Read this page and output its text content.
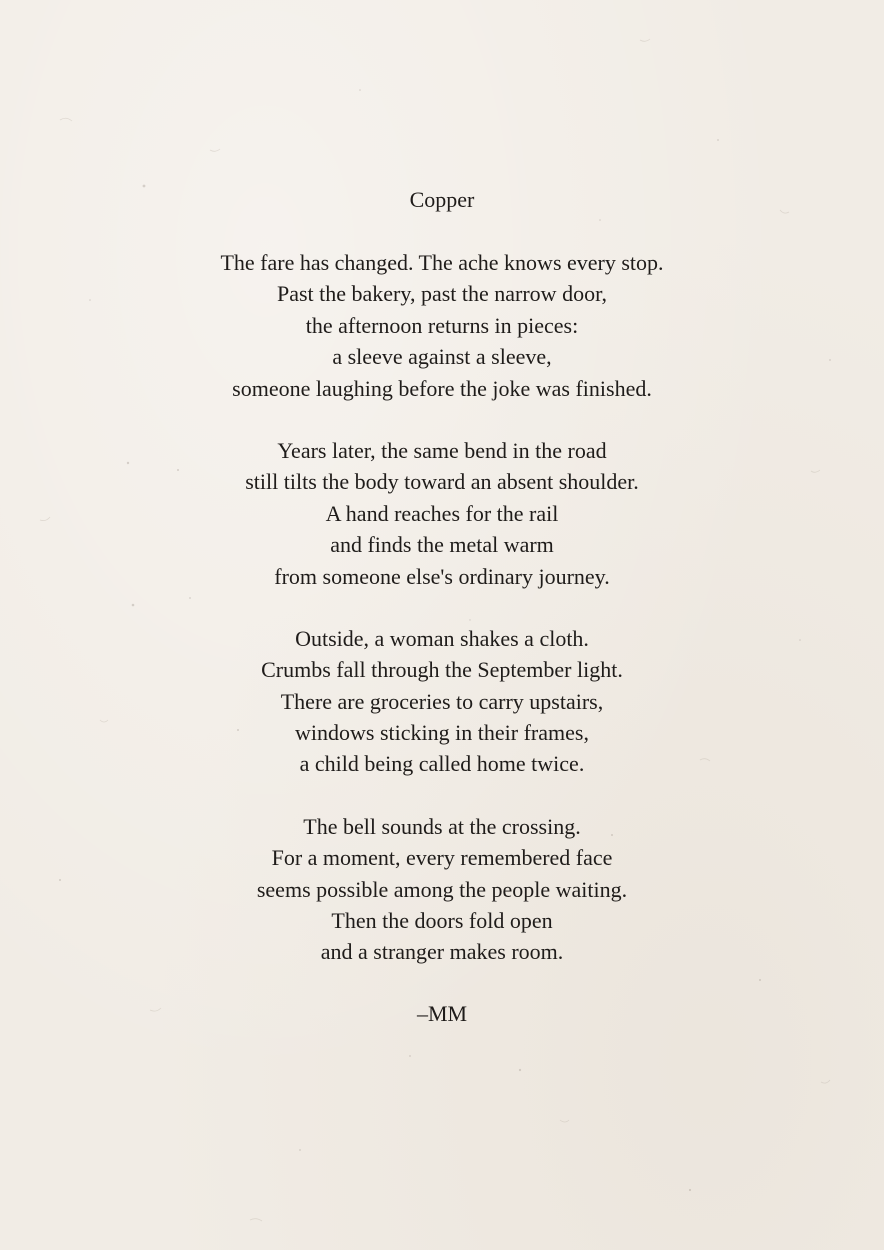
Copper
The fare has changed. The ache knows every stop.
Past the bakery, past the narrow door,
the afternoon returns in pieces:
a sleeve against a sleeve,
someone laughing before the joke was finished.
Years later, the same bend in the road
still tilts the body toward an absent shoulder.
A hand reaches for the rail
and finds the metal warm
from someone else's ordinary journey.
Outside, a woman shakes a cloth.
Crumbs fall through the September light.
There are groceries to carry upstairs,
windows sticking in their frames,
a child being called home twice.
The bell sounds at the crossing.
For a moment, every remembered face
seems possible among the people waiting.
Then the doors fold open
and a stranger makes room.
–MM
